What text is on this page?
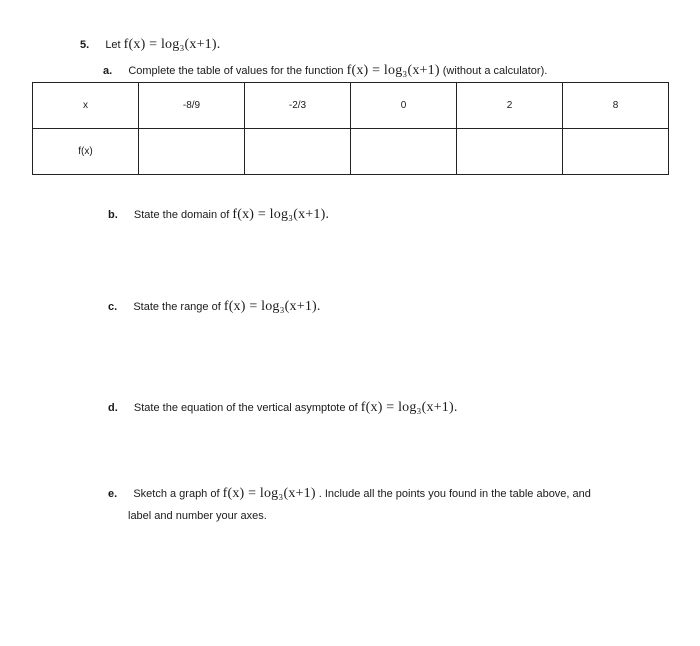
5. Let f(x) = log₃(x+1).
a. Complete the table of values for the function f(x) = log₃(x+1) (without a calculator).
x	-8/9	-2/3	0	2	8
f(x)					
b. State the domain of f(x) = log₃(x+1).
c. State the range of f(x) = log₃(x+1).
d. State the equation of the vertical asymptote of f(x) = log₃(x+1).
e. Sketch a graph of f(x) = log₃(x+1) . Include all the points you found in the table above, and
label and number your axes.
